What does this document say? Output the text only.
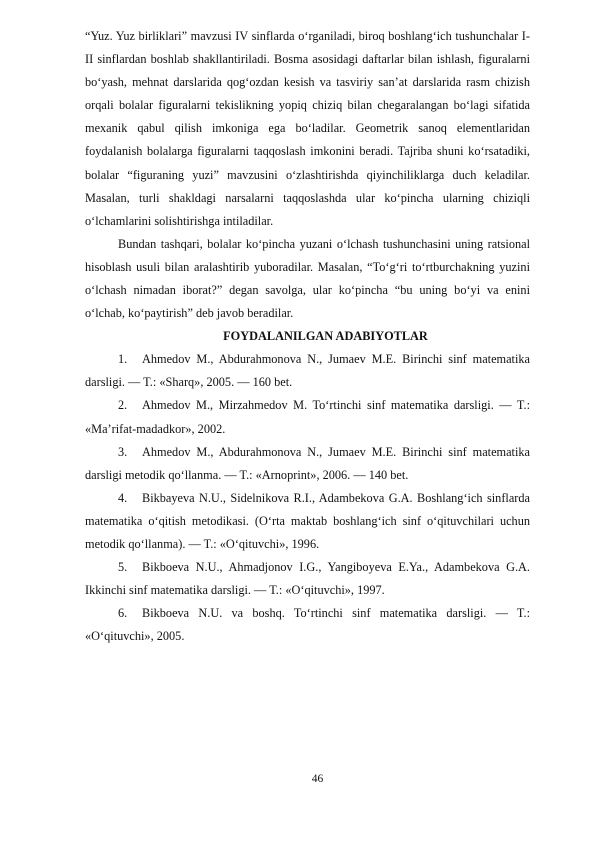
“Yuz. Yuz birliklari” mavzusi IV sinflarda o‘rganiladi, biroq boshlang‘ich tushunchalar I-II sinflardan boshlab shakllantiriladi. Bosma asosidagi daftarlar bilan ishlash, figuralarni bo‘yash, mehnat darslarida qog‘ozdan kesish va tasviriy san’at darslarida rasm chizish orqali bolalar figuralarni tekislikning yopiq chiziq bilan chegaralangan bo‘lagi sifatida mexanik qabul qilish imkoniga ega bo‘ladilar. Geometrik sanoq elementlaridan foydalanish bolalarga figuralarni taqqoslash imkonini beradi. Tajriba shuni ko‘rsatadiki, bolalar “figuraning yuzi” mavzusini o‘zlashtirishda qiyinchiliklarga duch keladilar. Masalan, turli shakldagi narsalarni taqqoslashda ular ko‘pincha ularning chiziqli o‘lchamlarini solishtirishga intiladilar.

Bundan tashqari, bolalar ko‘pincha yuzani o‘lchash tushunchasini uning ratsional hisoblash usuli bilan aralashtirib yuboradilar. Masalan, “To‘g‘ri to‘rtburchakning yuzini o‘lchash nimadan iborat?” degan savolga, ular ko‘pincha “bu uning bo‘yi va enini o‘lchab, ko‘paytirish” deb javob beradilar.

FOYDALANILGAN ADABIYOTLAR
1. Ahmedov M., Abdurahmonova N., Jumaev M.E. Birinchi sinf matematika darsligi. — T.: «Sharq», 2005. — 160 bet.
2. Ahmedov M., Mirzahmedov M. To‘rtinchi sinf matematika darsligi. — T.: «Ma’rifat-madadkor», 2002.
3. Ahmedov M., Abdurahmonova N., Jumaev M.E. Birinchi sinf matematika darsligi metodik qo‘llanma. — T.: «Arnoprint», 2006. — 140 bet.
4. Bikbayeva N.U., Sidelnikova R.I., Adambekova G.A. Boshlang‘ich sinflarda matematika o‘qitish metodikasi. (O‘rta maktab boshlang‘ich sinf o‘qituvchilari uchun metodik qo‘llanma). — T.: «O‘qituvchi», 1996.
5. Bikboeva N.U., Ahmadjonov I.G., Yangiboyeva E.Ya., Adambekova G.A. Ikkinchi sinf matematika darsligi. — T.: «O‘qituvchi», 1997.
6. Bikboeva N.U. va boshq. To‘rtinchi sinf matematika darsligi. — T.: «O‘qituvchi», 2005.
46
